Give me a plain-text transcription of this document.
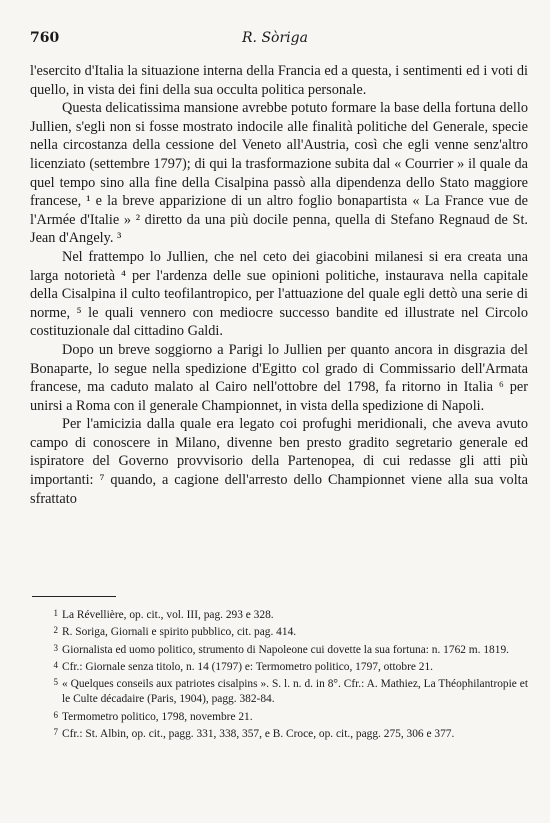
760	R. Sòriga

l'esercito d'Italia la situazione interna della Francia ed a questa, i sentimenti ed i voti di quello, in vista dei fini della sua occulta politica personale.

Questa delicatissima mansione avrebbe potuto formare la base della fortuna dello Jullien, s'egli non si fosse mostrato indocile alle finalità politiche del Generale, specie nella circostanza della cessione del Veneto all'Austria, così che egli venne senz'altro licenziato (settembre 1797); di qui la trasformazione subita dal « Courrier » il quale da quel tempo sino alla fine della Cisalpina passò alla dipendenza dello Stato maggiore francese, ¹ e la breve apparizione di un altro foglio bonapartista « La France vue de l'Armée d'Italie » ² diretto da una più docile penna, quella di Stefano Regnaud de St. Jean d'Angely. ³

Nel frattempo lo Jullien, che nel ceto dei giacobini milanesi si era creata una larga notorietà ⁴ per l'ardenza delle sue opinioni politiche, instaurava nella capitale della Cisalpina il culto teofilantropico, per l'attuazione del quale egli dettò una serie di norme, ⁵ le quali vennero con mediocre successo bandite ed illustrate nel Circolo costituzionale dal cittadino Galdi.

Dopo un breve soggiorno a Parigi lo Jullien per quanto ancora in disgrazia del Bonaparte, lo segue nella spedizione d'Egitto col grado di Commissario dell'Armata francese, ma caduto malato al Cairo nell'ottobre del 1798, fa ritorno in Italia ⁶ per unirsi a Roma con il generale Championnet, in vista della spedizione di Napoli.

Per l'amicizia dalla quale era legato coi profughi meridionali, che aveva avuto campo di conoscere in Milano, divenne ben presto gradito segretario generale ed ispiratore del Governo provvisorio della Partenopea, di cui redasse gli atti più importanti: ⁷ quando, a cagione dell'arresto dello Championnet viene alla sua volta sfrattato

1 La Révellière, op. cit., vol. III, pag. 293 e 328.

2 R. Soriga, Giornali e spirito pubblico, cit. pag. 414.

3 Giornalista ed uomo politico, strumento di Napoleone cui dovette la sua fortuna: n. 1762 m. 1819.

4 Cfr.: Giornale senza titolo, n. 14 (1797) e: Termometro politico, 1797, ottobre 21.

5 « Quelques conseils aux patriotes cisalpins ». S. l. n. d. in 8°. Cfr.: A. Mathiez, La Théophilantropie et le Culte décadaire (Paris, 1904), pagg. 382-84.

6 Termometro politico, 1798, novembre 21.

7 Cfr.: St. Albin, op. cit., pagg. 331, 338, 357, e B. Croce, op. cit., pagg. 275, 306 e 377.
